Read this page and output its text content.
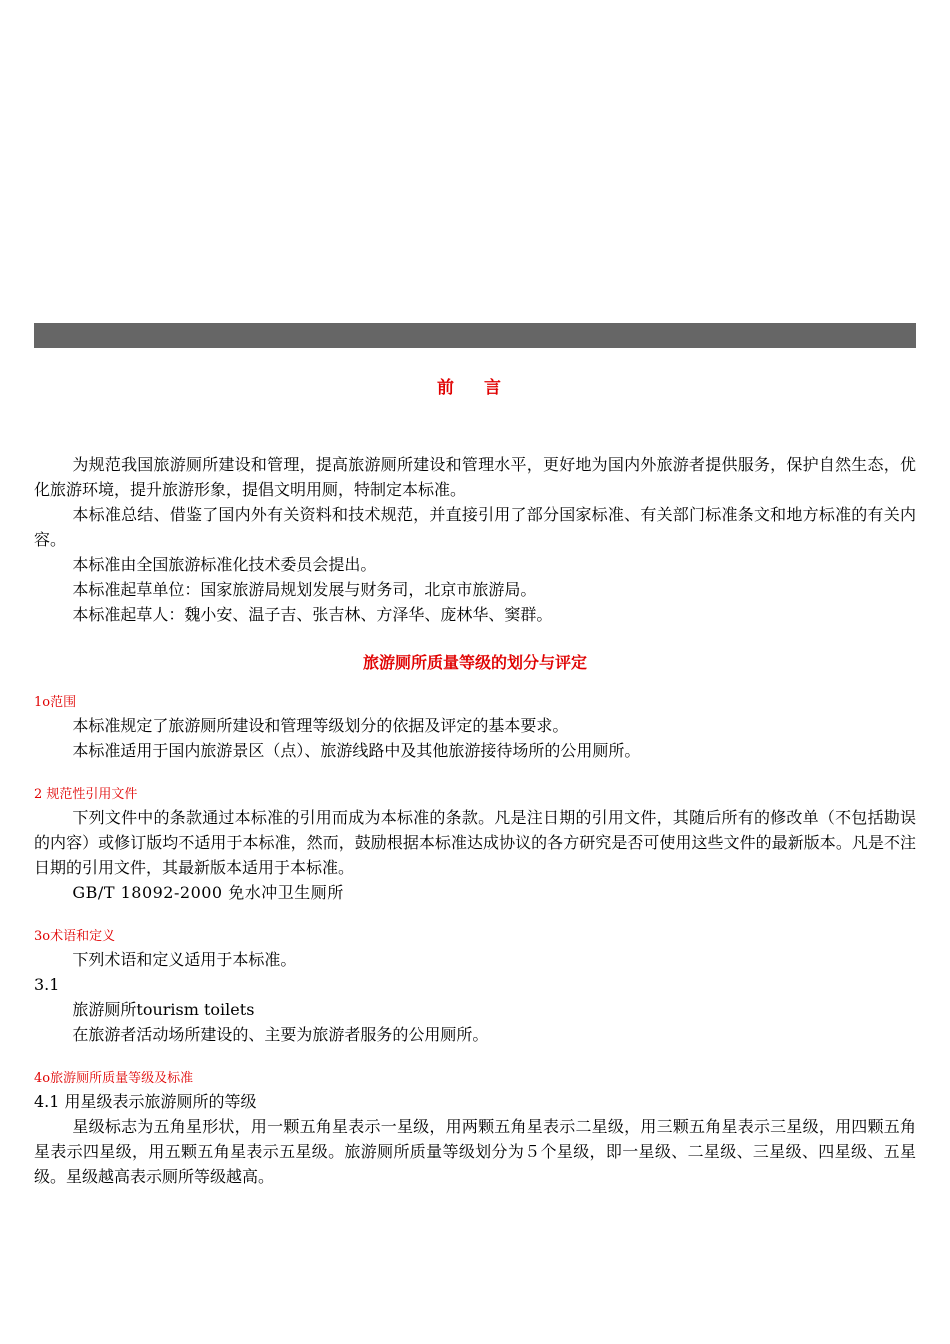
前 言

为规范我国旅游厕所建设和管理，提高旅游厕所建设和管理水平，更好地为国内外旅游者提供服务，保护自然生态，优化旅游环境，提升旅游形象，提倡文明用厕，特制定本标准。

本标准总结、借鉴了国内外有关资料和技术规范，并直接引用了部分国家标准、有关部门标准条文和地方标准的有关内容。

本标准由全国旅游标准化技术委员会提出。

本标准起草单位：国家旅游局规划发展与财务司，北京市旅游局。

本标准起草人：魏小安、温子吉、张吉林、方泽华、庞林华、窦群。

旅游厕所质量等级的划分与评定
1o范围

本标准规定了旅游厕所建设和管理等级划分的依据及评定的基本要求。

本标准适用于国内旅游景区（点）、旅游线路中及其他旅游接待场所的公用厕所。

2 规范性引用文件

下列文件中的条款通过本标准的引用而成为本标准的条款。凡是注日期的引用文件，其随后所有的修改单（不包括勘误的内容）或修订版均不适用于本标准，然而，鼓励根据本标准达成协议的各方研究是否可使用这些文件的最新版本。凡是不注日期的引用文件，其最新版本适用于本标准。

GB/T 18092-2000 免水冲卫生厕所

3o术语和定义

下列术语和定义适用于本标准。

3.1

旅游厕所tourism toilets

在旅游者活动场所建设的、主要为旅游者服务的公用厕所。

4o旅游厕所质量等级及标准

4.1 用星级表示旅游厕所的等级

星级标志为五角星形状，用一颗五角星表示一星级，用两颗五角星表示二星级，用三颗五角星表示三星级，用四颗五角星表示四星级，用五颗五角星表示五星级。旅游厕所质量等级划分为５个星级，即一星级、二星级、三星级、四星级、五星级。星级越高表示厕所等级越高。
